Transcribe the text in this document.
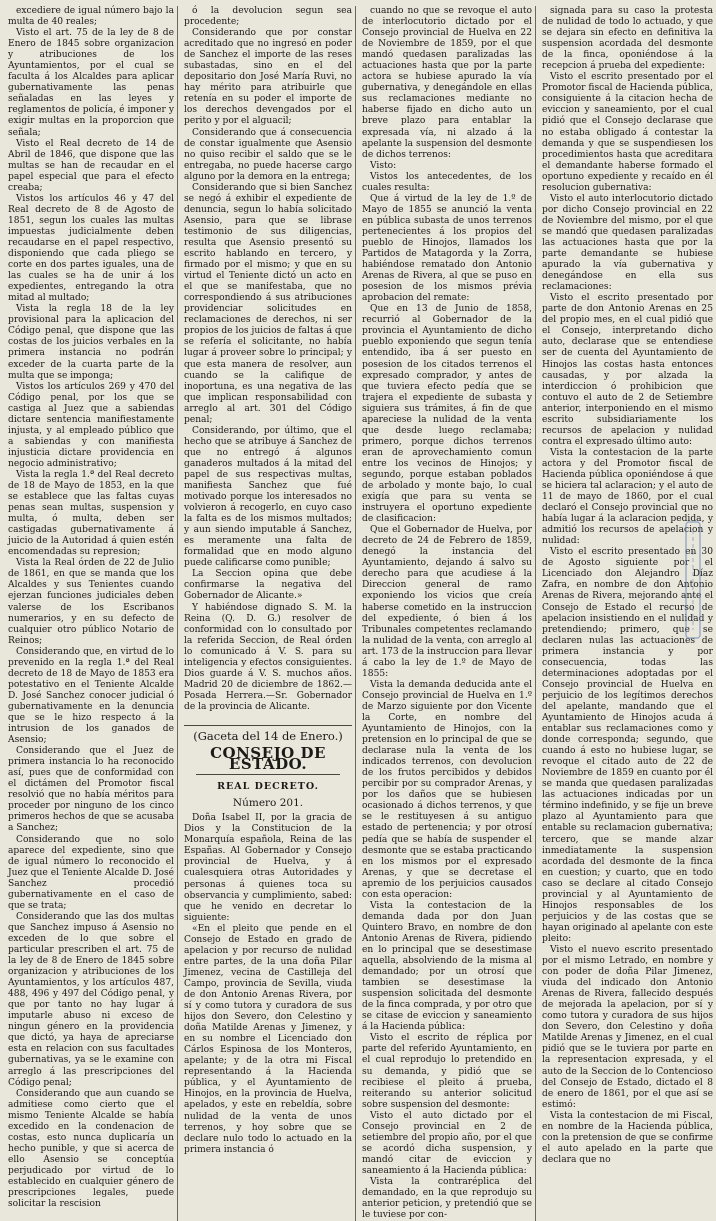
excediere de igual número bajo la multa de 40 reales;

Visto el art. 75 de la ley de 8 de Enero de 1845 sobre organizacion y atribuciones de los Ayuntamientos, por el cual se faculta á los Alcaldes para aplicar gubernativamente las penas señaladas en las leyes y reglamentos de policía, é imponer y exigir multas en la proporcion que señala;

Visto el Real decreto de 14 de Abril de 1846, que dispone que las multas se han de recaudar en el papel especial que para el efecto creaba;

Vistos los artículos 46 y 47 del Real decreto de 8 de Agosto de 1851, segun los cuales las multas impuestas judicialmente deben recaudarse en el papel respectivo, disponiendo que cada pliego se corte en dos partes iguales, una de las cuales se ha de unir á los expedientes, entregando la otra mitad al multado;

Vista la regla 18 de la ley provisional para la aplicacion del Código penal, que dispone que las costas de los juicios verbales en la primera instancia no podrán exceder de la cuarta parte de la multa que se imponga;

Vistos los artículos 269 y 470 del Código penal, por los que se castiga al Juez que a sabiendas dictare sentencia manifiestamente injusta, y al empleado público que a sabiendas y con manifiesta injusticia dictare providencia en negocio administrativo;

Vista la regla 1.ª del Real decreto de 18 de Mayo de 1853, en la que se establece que las faltas cuyas penas sean multas, suspension y multa, ó multa, deben ser castigadas gubernativamente á juicio de la Autoridad á quien estén encomendadas su represion;

Vista la Real órden de 22 de Julio de 1861, en que se manda que los Alcaldes y sus Tenientes cuando ejerzan funciones judiciales deben valerse de los Escribanos numerarios, y en su defecto de cualquier otro público Notario de Reinos;

Considerando que, en virtud de lo prevenido en la regla 1.ª del Real decreto de 18 de Mayo de 1853 era potestativo en el Teniente Alcalde D. José Sanchez conocer judicial ó gubernativamente en la denuncia que se le hizo respecto á la intrusion de los ganados de Asensio;

Considerando que el Juez de primera instancia lo ha reconocido así, pues que de conformidad con el dictámen del Promotor fiscal resolvió que no había méritos para proceder por ninguno de los cinco primeros hechos de que se acusaba a Sanchez;

Considerando que no solo aparece del expediente, sino que de igual número lo reconocido el Juez que el Teniente Alcalde D. José Sanchez procedió gubernativamente en el caso de que se trata;

Considerando que las dos multas que Sanchez impuso á Asensio no exceden de lo que sobre el particular prescriben el art. 75 de la ley de 8 de Enero de 1845 sobre organizacion y atribuciones de los Ayuntamientos, y los artículos 487, 488, 496 y 497 del Código penal, y que por tanto no hay lugar á imputarle abuso ni exceso de ningun género en la providencia que dictó, ya haya de apreciarse esta en relacion con sus facultades gubernativas, ya se le examine con arreglo á las prescripciones del Código penal;

Considerando que aun cuando se admitiese como cierto que el mismo Teniente Alcalde se había excedido en la condenacion de costas, esto nunca duplicaría un hecho punible, y que si acerca de ello Asensio se conceptúa perjudicado por virtud de lo establecido en cualquier género de prescripciones legales, puede solicitar la rescision

ó la devolucion segun sea procedente;

Considerando que por constar acreditado que no ingresó en poder de Sanchez el importe de las reses subastadas, sino en el del depositario don José María Ruvi, no hay mérito para atribuirle que retenía en su poder el importe de los derechos devengados por el perito y por el alguacil;

Considerando que á consecuencia de constar igualmente que Asensio no quiso recibir el saldo que se le entregaba, no puede hacerse cargo alguno por la demora en la entrega;

Considerando que si bien Sanchez se negó á exhibir el expediente de denuncia, segun lo había solicitado Asensio, para que se librase testimonio de sus diligencias, resulta que Asensio presentó su escrito hablando en tercero, y firmado por el mismo; y que en su virtud el Teniente dictó un acto en el que se manifestaba, que no correspondiendo á sus atribuciones providenciar solicitudes en reclamaciones de derechos, ni ser propios de los juicios de faltas á que se refería el solicitante, no había lugar á proveer sobre lo principal; y que esta manera de resolver, aun cuando se la califique de inoportuna, es una negativa de las que implican responsabilidad con arreglo al art. 301 del Código penal;

Considerando, por último, que el hecho que se atribuye á Sanchez de que no entregó á algunos ganaderos multados á la mitad del papel de sus respectivas multas, manifiesta Sanchez que fué motivado porque los interesados no volvieron á recogerlo, en cuyo caso la falta es de los mismos multados; y aun siendo imputable á Sanchez, es meramente una falta de formalidad que en modo alguno puede calificarse como punible;

La Seccion opina que debe confirmarse la negativa del Gobernador de Alicante.»

Y habiéndose dignado S. M. la Reina (Q. D. G.) resolver de conformidad con lo consultado por la referida Seccion, de Real órden lo comunicado á V. S. para su inteligencia y efectos consiguientes. Dios guarde á V. S. muchos años. Madrid 20 de diciembre de 1862.—Posada Herrera.—Sr. Gobernador de la provincia de Alicante.

(Gaceta del 14 de Enero.)
CONSEJO DE ESTADO.
REAL DECRETO.
Número 201.

Doña Isabel II, por la gracia de Dios y la Constitucion de la Monarquía española, Reina de las Españas. Al Gobernador y Consejo provincial de Huelva, y á cualesquiera otras Autoridades y personas á quienes toca su observancia y cumplimiento, sabed: que he venido en decretar lo siguiente:

«En el pleito que pende en el Consejo de Estado en grado de apelacion y por recurso de nulidad entre partes, de la una doña Pilar Jimenez, vecina de Castilleja del Campo, provincia de Sevilla, viuda de don Antonio Arenas Rivera, por sí y como tutora y curadora de sus hijos don Severo, don Celestino y doña Matilde Arenas y Jimenez, y en su nombre el Licenciado don Cárlos Espinosa de los Monteros, apelante; y de la otra mi Fiscal representando á la Hacienda pública, y el Ayuntamiento de Hinojos, en la provincia de Huelva, apelados, y este en rebeldía, sobre nulidad de la venta de unos terrenos, y hoy sobre que se declare nulo todo lo actuado en la primera instancia ó

cuando no que se revoque el auto de interlocutorio dictado por el Consejo provincial de Huelva en 22 de Noviembre de 1859, por el que mandó quedasen paralizadas las actuaciones hasta que por la parte actora se hubiese apurado la vía gubernativa, y denegándole en ellas sus reclamaciones mediante no haberse fijado en dicho auto un breve plazo para entablar la expresada vía, ni alzado á la apelante la suspension del desmonte de dichos terrenos:

Visto:

Vistos los antecedentes, de los cuales resulta:

Que á virtud de la ley de 1.º de Mayo de 1855 se anunció la venta en pública subasta de unos terrenos pertenecientes á los propios del pueblo de Hinojos, llamados los Partidos de Matagorda y la Zorra, habiéndose rematado don Antonio Arenas de Rivera, al que se puso en posesion de los mismos prévia aprobacion del remate:

Que en 13 de Junio de 1858, recurrió al Gobernador de la provincia el Ayuntamiento de dicho pueblo exponiendo que segun tenía entendido, iba á ser puesto en posesion de los citados terrenos el expresado comprador, y antes de que tuviera efecto pedía que se trajera el expediente de subasta y siguiera sus trámites, á fin de que apareciese la nulidad de la venta que desde luego reclamaba; primero, porque dichos terrenos eran de aprovechamiento comun entre los vecinos de Hinojos; y segundo, porque estaban poblados de arbolado y monte bajo, lo cual exigía que para su venta se instruyera el oportuno expediente de clasificacion:

Que el Gobernador de Huelva, por decreto de 24 de Febrero de 1859, denegó la instancia del Ayuntamiento, dejando á salvo su derecho para que acudiese á la Direccion general de ramo exponiendo los vicios que creía haberse cometido en la instruccion del expediente, ó bien á los Tribunales competentes reclamando la nulidad de la venta, con arreglo al art. 173 de la instruccion para llevar á cabo la ley de 1.º de Mayo de 1855:

Vista la demanda deducida ante el Consejo provincial de Huelva en 1.º de Marzo siguiente por don Vicente la Corte, en nombre del Ayuntamiento de Hinojos, con la pretension en lo principal de que se declarase nula la venta de los indicados terrenos, con devolucion de los frutos percibidos y debidos percibir por su comprador Arenas, y por los daños que se hubiesen ocasionado á dichos terrenos, y que se le restituyesen á su antiguo estado de pertenencia; y por otrosí pedía que se había de suspender el desmonte que se estaba practicando en los mismos por el expresado Arenas, y que se decretase el apremio de los perjuicios causados con esta operacion:

Vista la contestacion de la demanda dada por don Juan Quintero Bravo, en nombre de don Antonio Arenas de Rivera, pidiendo en lo principal que se desestimase aquella, absolviendo de la misma al demandado; por un otrosí que tambien se desestimase la suspension solicitada del desmonte de la finca comprada, y por otro que se citase de eviccion y saneamiento á la Hacienda pública:

Visto el escrito de réplica por parte del referido Ayuntamiento, en el cual reprodujo lo pretendido en su demanda, y pidió que se recibiese el pleito á prueba, reiterando su anterior solicitud sobre suspension del desmonte:

Visto el auto dictado por el Consejo provincial en 2 de setiembre del propio año, por el que se acordó dicha suspension, y mandó citar de eviccion y saneamiento á la Hacienda pública:

Vista la contraréplica del demandado, en la que reprodujo su anterior peticion, y pretendió que se le tuviese por con-

signada para su caso la protesta de nulidad de todo lo actuado, y que se dejara sin efecto en definitiva la suspension acordada del desmonte de la finca, oponiéndose á la recepcion á prueba del expediente:

Visto el escrito presentado por el Promotor fiscal de Hacienda pública, consiguiente á la citacion hecha de eviccion y saneamiento, por el cual pidió que el Consejo declarase que no estaba obligado á contestar la demanda y que se suspendiesen los procedimientos hasta que acreditara el demandante haberse formado el oportuno expediente y recaído en él resolucion gubernativa:

Visto el auto interlocutorio dictado por dicho Consejo provincial en 22 de Noviembre del mismo, por el que se mandó que quedasen paralizadas las actuaciones hasta que por la parte demandante se hubiese apurado la vía gubernativa y denegándose en ella sus reclamaciones:

Visto el escrito presentado por parte de don Antonio Arenas en 25 del propio mes, en el cual pidió que el Consejo, interpretando dicho auto, declarase que se entendiese ser de cuenta del Ayuntamiento de Hinojos las costas hasta entonces causadas, y por alzada la interdiccion ó prohibicion que contuvo el auto de 2 de Setiembre anterior, interponiendo en el mismo escrito subsidiariamente los recursos de apelacion y nulidad contra el expresado último auto:

Vista la contestacion de la parte actora y del Promotor fiscal de Hacienda pública oponiéndose á que se hiciera tal aclaracion; y el auto de 11 de mayo de 1860, por el cual declaró el Consejo provincial que no había lugar á la aclaracion pedida, y admitió los recursos de apelacion y nulidad:

Visto el escrito presentado en 30 de Agosto siguiente por el Licenciado don Alejandro Díaz Zafra, en nombre de don Antonio Arenas de Rivera, mejorando ante el Consejo de Estado el recurso de apelacion insistiendo en el nulidad y pretendiendo; primero, que se declaren nulas las actuaciones de primera instancia y por consecuencia, todas las determinaciones adoptadas por el Consejo provincial de Huelva en perjuicio de los legítimos derechos del apelante, mandando que el Ayuntamiento de Hinojos acuda á entablar sus reclamaciones como y donde corresponda; segundo, que cuando á esto no hubiese lugar, se revoque el citado auto de 22 de Noviembre de 1859 en cuanto por él se manda que quedasen paralizadas las actuaciones indicadas por un término indefinido, y se fije un breve plazo al Ayuntamiento para que entable su reclamacion gubernativa; tercero, que se mande alzar inmediatamente la suspension acordada del desmonte de la finca en cuestion; y cuarto, que en todo caso se declare al citado Consejo provincial y al Ayuntamiento de Hinojos responsables de los perjuicios y de las costas que se hayan originado al apelante con este pleito:

Visto el nuevo escrito presentado por el mismo Letrado, en nombre y con poder de doña Pilar Jimenez, viuda del indicado don Antonio Arenas de Rivera, fallecido después de mejorada la apelacion, por sí y como tutora y curadora de sus hijos don Severo, don Celestino y doña Matilde Arenas y Jimenez, en el cual pidió que se le tuviera por parte en la representacion expresada, y el auto de la Seccion de lo Contencioso del Consejo de Estado, dictado el 8 de enero de 1861, por el que así se estimó:

Vista la contestacion de mi Fiscal, en nombre de la Hacienda pública, con la pretension de que se confirme el auto apelado en la parte que declara que no
